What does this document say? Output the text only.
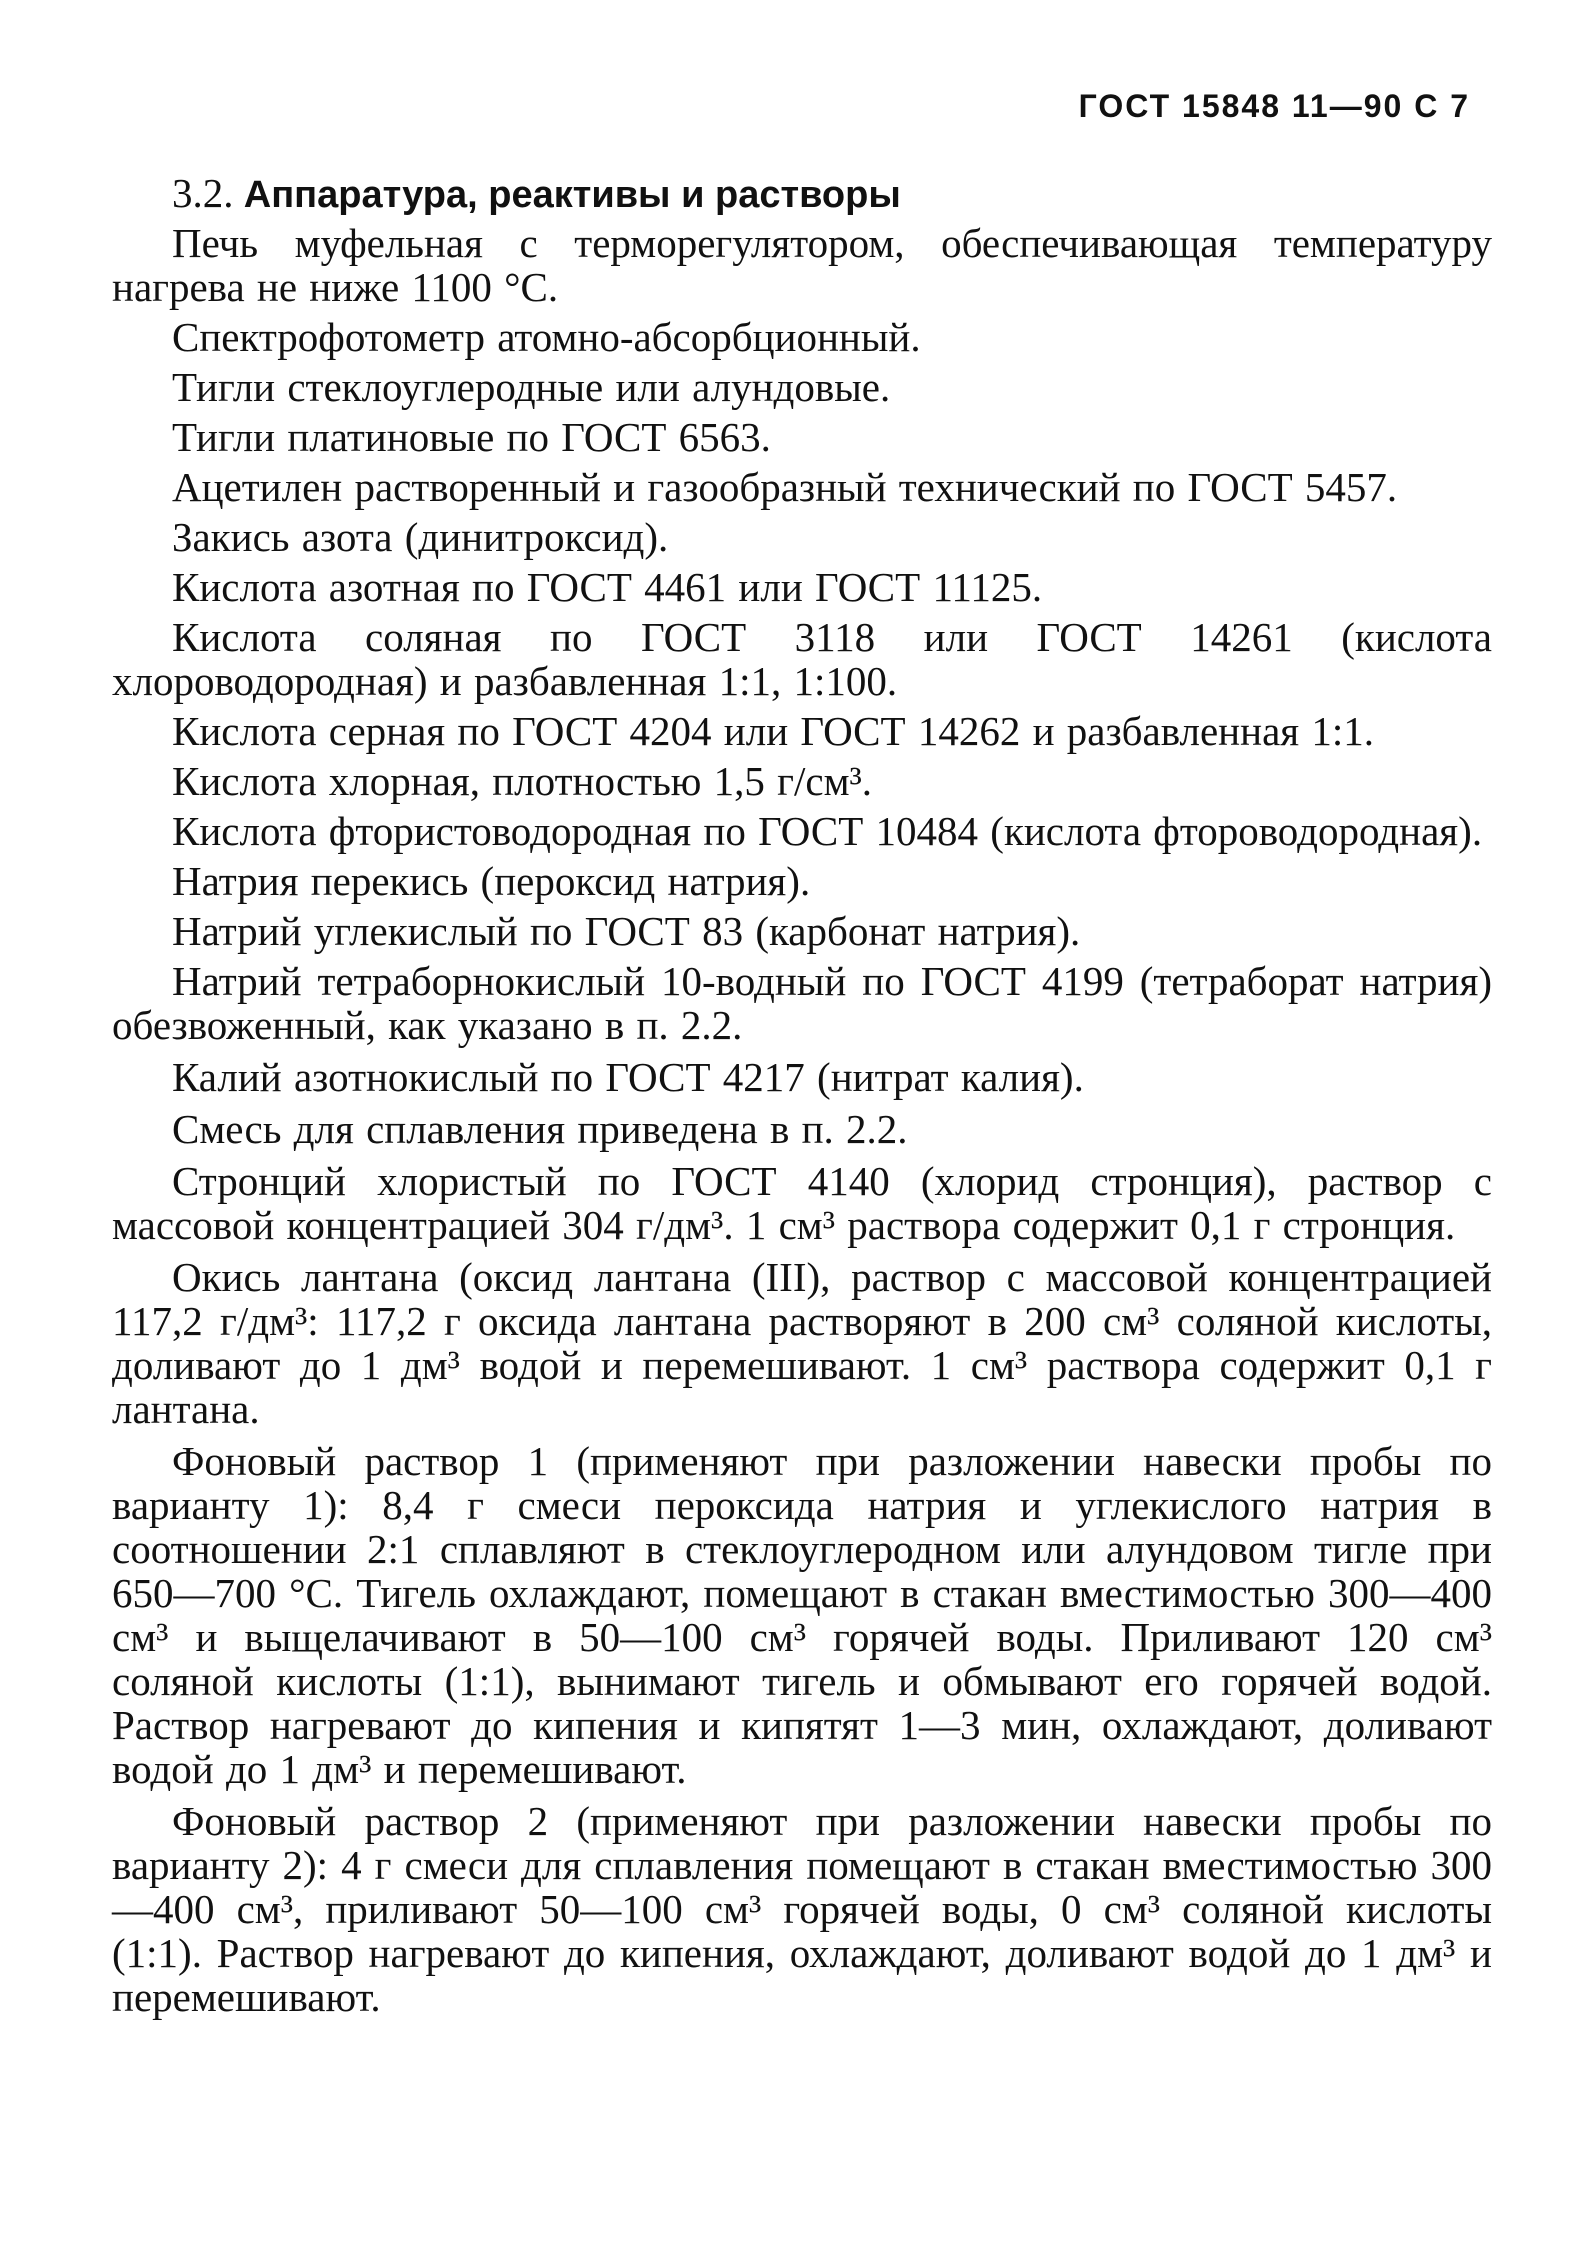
ГОСТ 15848 11—90 С 7
3.2. Аппаратура, реактивы и растворы

Печь муфельная с терморегулятором, обеспечивающая температуру нагрева не ниже 1100 °С.

Спектрофотометр атомно-абсорбционный.

Тигли стеклоуглеродные или алундовые.

Тигли платиновые по ГОСТ 6563.

Ацетилен растворенный и газообразный технический по ГОСТ 5457.

Закись азота (динитроксид).

Кислота азотная по ГОСТ 4461 или ГОСТ 11125.

Кислота соляная по ГОСТ 3118 или ГОСТ 14261 (кислота хлороводородная) и разбавленная 1:1, 1:100.

Кислота серная по ГОСТ 4204 или ГОСТ 14262 и разбавленная 1:1.

Кислота хлорная, плотностью 1,5 г/см³.

Кислота фтористоводородная по ГОСТ 10484 (кислота фтороводородная).

Натрия перекись (пероксид натрия).

Натрий углекислый по ГОСТ 83 (карбонат натрия).

Натрий тетраборнокислый 10-водный по ГОСТ 4199 (тетраборат натрия) обезвоженный, как указано в п. 2.2.

Калий азотнокислый по ГОСТ 4217 (нитрат калия).

Смесь для сплавления приведена в п. 2.2.

Стронций хлористый по ГОСТ 4140 (хлорид стронция), раствор с массовой концентрацией 304 г/дм³. 1 см³ раствора содержит 0,1 г стронция.

Окись лантана (оксид лантана (III), раствор с массовой концентрацией 117,2 г/дм³: 117,2 г оксида лантана растворяют в 200 см³ соляной кислоты, доливают до 1 дм³ водой и перемешивают. 1 см³ раствора содержит 0,1 г лантана.

Фоновый раствор 1 (применяют при разложении навески пробы по варианту 1): 8,4 г смеси пероксида натрия и углекислого натрия в соотношении 2:1 сплавляют в стеклоуглеродном или алундовом тигле при 650—700 °С. Тигель охлаждают, помещают в стакан вместимостью 300—400 см³ и выщелачивают в 50—100 см³ горячей воды. Приливают 120 см³ соляной кислоты (1:1), вынимают тигель и обмывают его горячей водой. Раствор нагревают до кипения и кипятят 1—3 мин, охлаждают, доливают водой до 1 дм³ и перемешивают.

Фоновый раствор 2 (применяют при разложении навески пробы по варианту 2): 4 г смеси для сплавления помещают в стакан вместимостью 300—400 см³, приливают 50—100 см³ горячей воды, 0 см³ соляной кислоты (1:1). Раствор нагревают до кипения, охлаждают, доливают водой до 1 дм³ и перемешивают.
